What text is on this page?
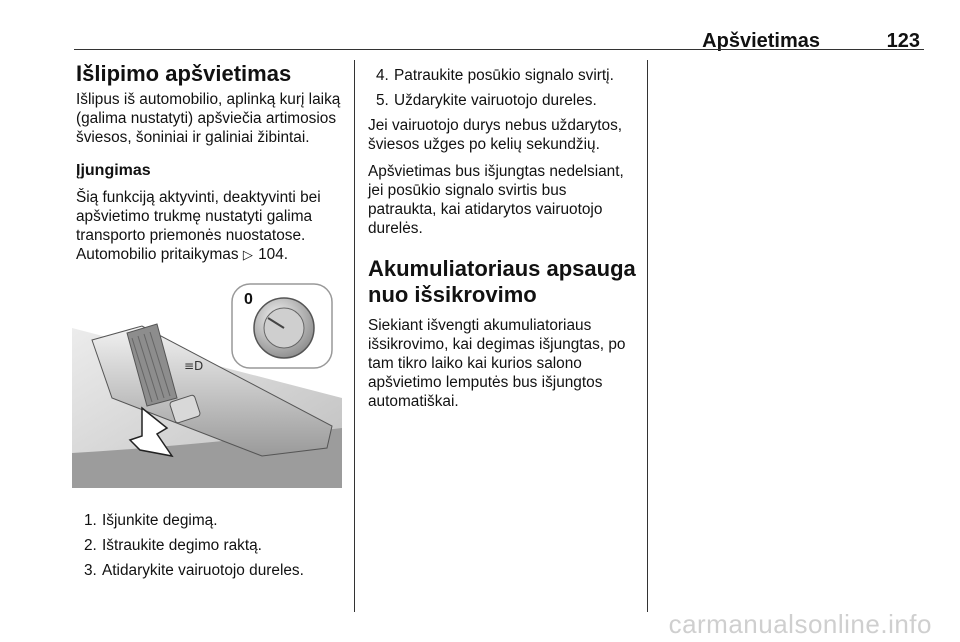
Apšvietimas	123
Išlipimo apšvietimas

Išlipus iš automobilio, aplinką kurį laiką (galima nustatyti) apšviečia artimosios šviesos, šoniniai ir galiniai žibintai.

Įjungimas

Šią funkciją aktyvinti, deaktyvinti bei apšvietimo trukmę nustatyti galima transporto priemonės nuostatose. Automobilio pritaikymas ▷ 104.

≡D
0
1. Išjunkite degimą.
2. Ištraukite degimo raktą.
3. Atidarykite vairuotojo dureles.
4. Patraukite posūkio signalo svirtį.
5. Uždarykite vairuotojo dureles.

Jei vairuotojo durys nebus uždarytos, šviesos užges po kelių sekundžių.

Apšvietimas bus išjungtas nedelsiant, jei posūkio signalo svirtis bus patraukta, kai atidarytos vairuotojo durelės.

Akumuliatoriaus apsauga nuo išsikrovimo

Siekiant išvengti akumuliatoriaus išsikrovimo, kai degimas išjungtas, po tam tikro laiko kai kurios salono apšvietimo lemputės bus išjungtos automatiškai.

carmanualsonline.info
